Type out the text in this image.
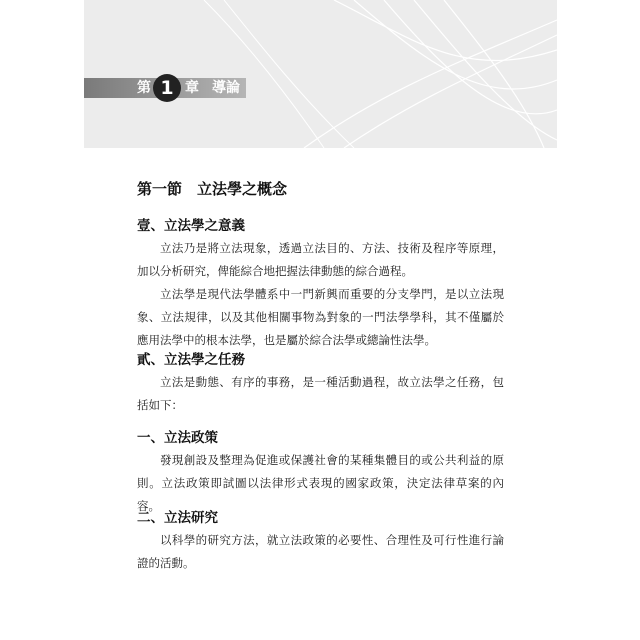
第 1 章 導論
第一節　立法學之概念
壹、立法學之意義

立法乃是將立法現象，透過立法目的、方法、技術及程序等原理，加以分析研究，俾能綜合地把握法律動態的綜合過程。

立法學是現代法學體系中一門新興而重要的分支學門，是以立法現象、立法規律，以及其他相關事物為對象的一門法學學科，其不僅屬於應用法學中的根本法學，也是屬於綜合法學或總論性法學。

貳、立法學之任務

立法是動態、有序的事務，是一種活動過程，故立法學之任務，包括如下：

一、立法政策

發現創設及整理為促進或保護社會的某種集體目的或公共利益的原則。立法政策即試圖以法律形式表現的國家政策，決定法律草案的內容。

二、立法研究

以科學的研究方法，就立法政策的必要性、合理性及可行性進行論證的活動。
